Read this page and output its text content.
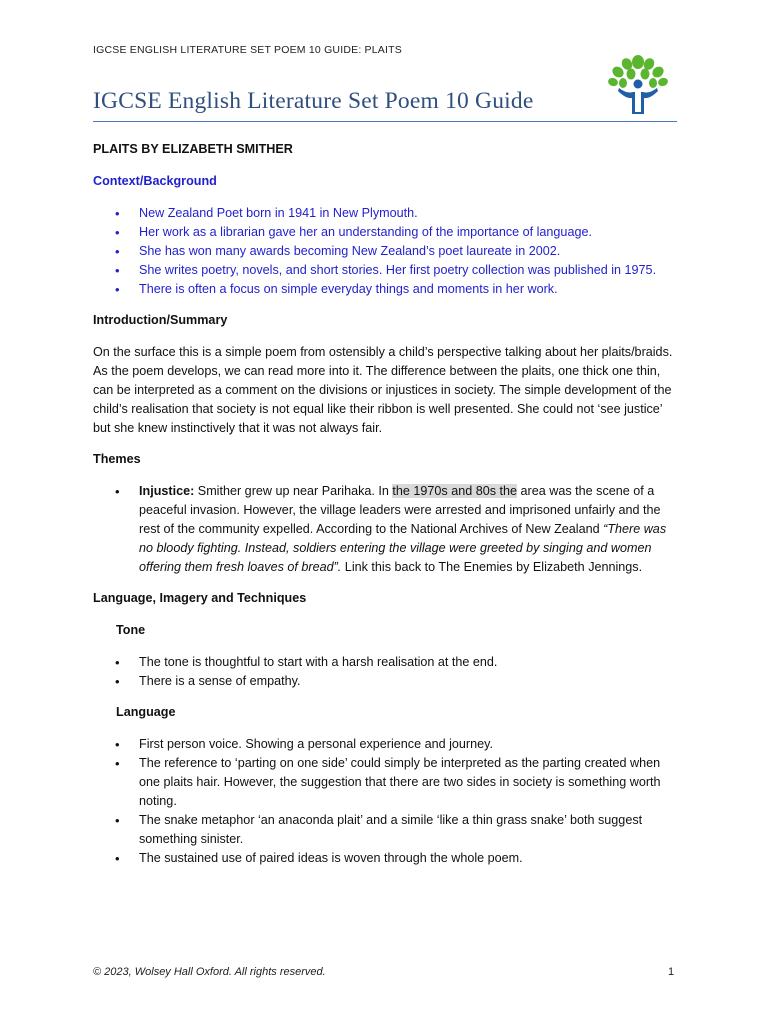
IGCSE ENGLISH LITERATURE SET POEM 10 GUIDE: PLAITS
IGCSE English Literature Set Poem 10 Guide
PLAITS BY ELIZABETH SMITHER
Context/Background
• New Zealand Poet born in 1941 in New Plymouth.
• Her work as a librarian gave her an understanding of the importance of language.
• She has won many awards becoming New Zealand’s poet laureate in 2002.
• She writes poetry, novels, and short stories. Her first poetry collection was published in 1975.
• There is often a focus on simple everyday things and moments in her work.
Introduction/Summary

On the surface this is a simple poem from ostensibly a child’s perspective talking about her plaits/braids. As the poem develops, we can read more into it. The difference between the plaits, one thick one thin, can be interpreted as a comment on the divisions or injustices in society. The simple development of the child’s realisation that society is not equal like their ribbon is well presented. She could not ‘see justice’ but she knew instinctively that it was not always fair.

Themes
• Injustice: Smither grew up near Parihaka. In the 1970s and 80s the area was the scene of a peaceful invasion. However, the village leaders were arrested and imprisoned unfairly and the rest of the community expelled. According to the National Archives of New Zealand “There was no bloody fighting. Instead, soldiers entering the village were greeted by singing and women offering them fresh loaves of bread”. Link this back to The Enemies by Elizabeth Jennings.
Language, Imagery and Techniques
Tone
• The tone is thoughtful to start with a harsh realisation at the end.
• There is a sense of empathy.
Language
• First person voice. Showing a personal experience and journey.
• The reference to ‘parting on one side’ could simply be interpreted as the parting created when one plaits hair. However, the suggestion that there are two sides in society is something worth noting.
• The snake metaphor ‘an anaconda plait’ and a simile ‘like a thin grass snake’ both suggest something sinister.
• The sustained use of paired ideas is woven through the whole poem.
© 2023, Wolsey Hall Oxford. All rights reserved.	1
